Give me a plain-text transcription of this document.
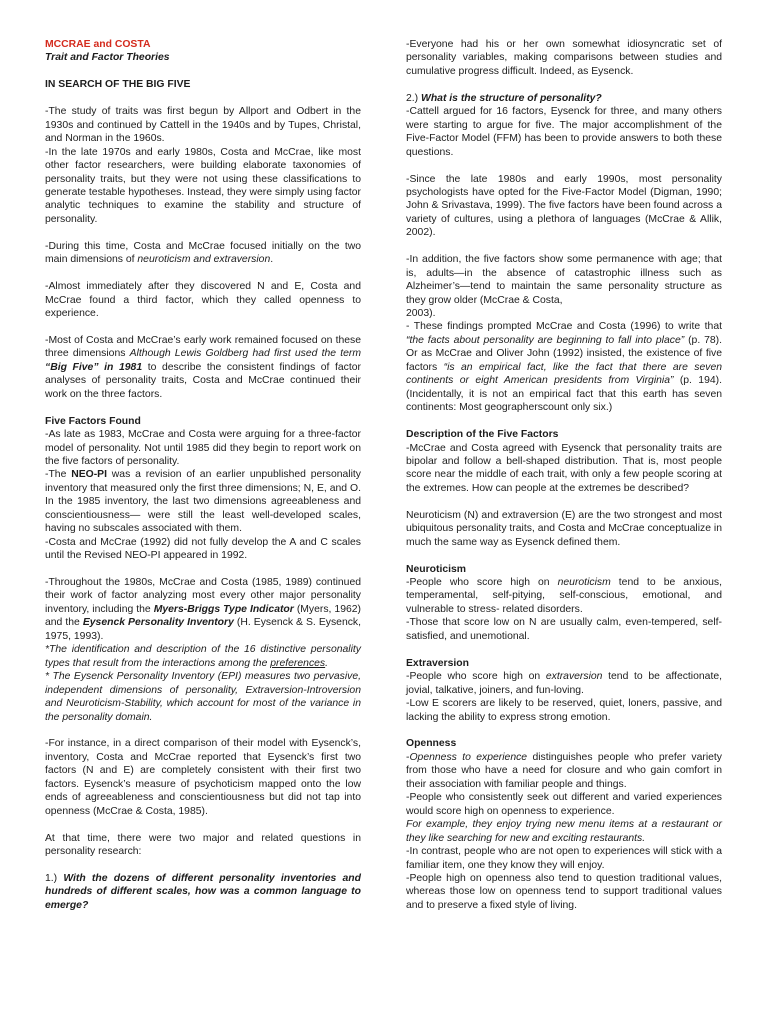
MCCRAE and COSTA

Trait and Factor Theories

IN SEARCH OF THE BIG FIVE

-The study of traits was first begun by Allport and Odbert in the 1930s and continued by Cattell in the 1940s and by Tupes, Christal, and Norman in the 1960s.

-In the late 1970s and early 1980s, Costa and McCrae, like most other factor researchers, were building elaborate taxonomies of personality traits, but they were not using these classifications to generate testable hypotheses. Instead, they were simply using factor analytic techniques to examine the stability and structure of personality.

-During this time, Costa and McCrae focused initially on the two main dimensions of neuroticism and extraversion.

-Almost immediately after they discovered N and E, Costa and McCrae found a third factor, which they called openness to experience.

-Most of Costa and McCrae’s early work remained focused on these three dimensions Although Lewis Goldberg had first used the term “Big Five” in 1981 to describe the consistent findings of factor analyses of personality traits, Costa and McCrae continued their work on the three factors.

Five Factors Found

-As late as 1983, McCrae and Costa were arguing for a three-factor model of personality. Not until 1985 did they begin to report work on the five factors of personality.

-The NEO-PI was a revision of an earlier unpublished personality inventory that measured only the first three dimensions; N, E, and O. In the 1985 inventory, the last two dimensions agreeableness and conscientiousness— were still the least well-developed scales, having no subscales associated with them.

-Costa and McCrae (1992) did not fully develop the A and C scales until the Revised NEO-PI appeared in 1992.

-Throughout the 1980s, McCrae and Costa (1985, 1989) continued their work of factor analyzing most every other major personality inventory, including the Myers-Briggs Type Indicator (Myers, 1962) and the Eysenck Personality Inventory (H. Eysenck & S. Eysenck, 1975, 1993).

*The identification and description of the 16 distinctive personality types that result from the interactions among the preferences.

* The Eysenck Personality Inventory (EPI) measures two pervasive, independent dimensions of personality, Extraversion-Introversion and Neuroticism-Stability, which account for most of the variance in the personality domain.

-For instance, in a direct comparison of their model with Eysenck’s, inventory, Costa and McCrae reported that Eysenck’s first two factors (N and E) are completely consistent with their first two factors. Eysenck’s measure of psychoticism mapped onto the low ends of agreeableness and conscientiousness but did not tap into openness (McCrae & Costa, 1985).

At that time, there were two major and related questions in personality research:

1.) With the dozens of different personality inventories and hundreds of different scales, how was a common language to emerge?

-Everyone had his or her own somewhat idiosyncratic set of personality variables, making comparisons between studies and cumulative progress difficult. Indeed, as Eysenck.

2.) What is the structure of personality?

-Cattell argued for 16 factors, Eysenck for three, and many others were starting to argue for five. The major accomplishment of the Five-Factor Model (FFM) has been to provide answers to both these questions.

-Since the late 1980s and early 1990s, most personality psychologists have opted for the Five-Factor Model (Digman, 1990; John & Srivastava, 1999). The five factors have been found across a variety of cultures, using a plethora of languages (McCrae & Allik, 2002).

-In addition, the five factors show some permanence with age; that is, adults—in the absence of catastrophic illness such as Alzheimer’s—tend to maintain the same personality structure as they grow older (McCrae & Costa,

2003).

- These findings prompted McCrae and Costa (1996) to write that “the facts about personality are beginning to fall into place” (p. 78). Or as McCrae and Oliver John (1992) insisted, the existence of five factors “is an empirical fact, like the fact that there are seven continents or eight American presidents from Virginia” (p. 194). (Incidentally, it is not an empirical fact that this earth has seven continents: Most geographerscount only six.)

Description of the Five Factors

-McCrae and Costa agreed with Eysenck that personality traits are bipolar and follow a bell-shaped distribution. That is, most people score near the middle of each trait, with only a few people scoring at the extremes. How can people at the extremes be described?

Neuroticism (N) and extraversion (E) are the two strongest and most ubiquitous personality traits, and Costa and McCrae conceptualize in much the same way as Eysenck defined them.

Neuroticism

-People who score high on neuroticism tend to be anxious, temperamental, self-pitying, self-conscious, emotional, and vulnerable to stress- related disorders.

-Those that score low on N are usually calm, even-tempered, self-satisfied, and unemotional.

Extraversion

-People who score high on extraversion tend to be affectionate, jovial, talkative, joiners, and fun-loving.

-Low E scorers are likely to be reserved, quiet, loners, passive, and lacking the ability to express strong emotion.

Openness

-Openness to experience distinguishes people who prefer variety from those who have a need for closure and who gain comfort in their association with familiar people and things.

-People who consistently seek out different and varied experiences would score high on openness to experience.

For example, they enjoy trying new menu items at a restaurant or they like searching for new and exciting restaurants.

-In contrast, people who are not open to experiences will stick with a familiar item, one they know they will enjoy.

-People high on openness also tend to question traditional values, whereas those low on openness tend to support traditional values and to preserve a fixed style of living.
